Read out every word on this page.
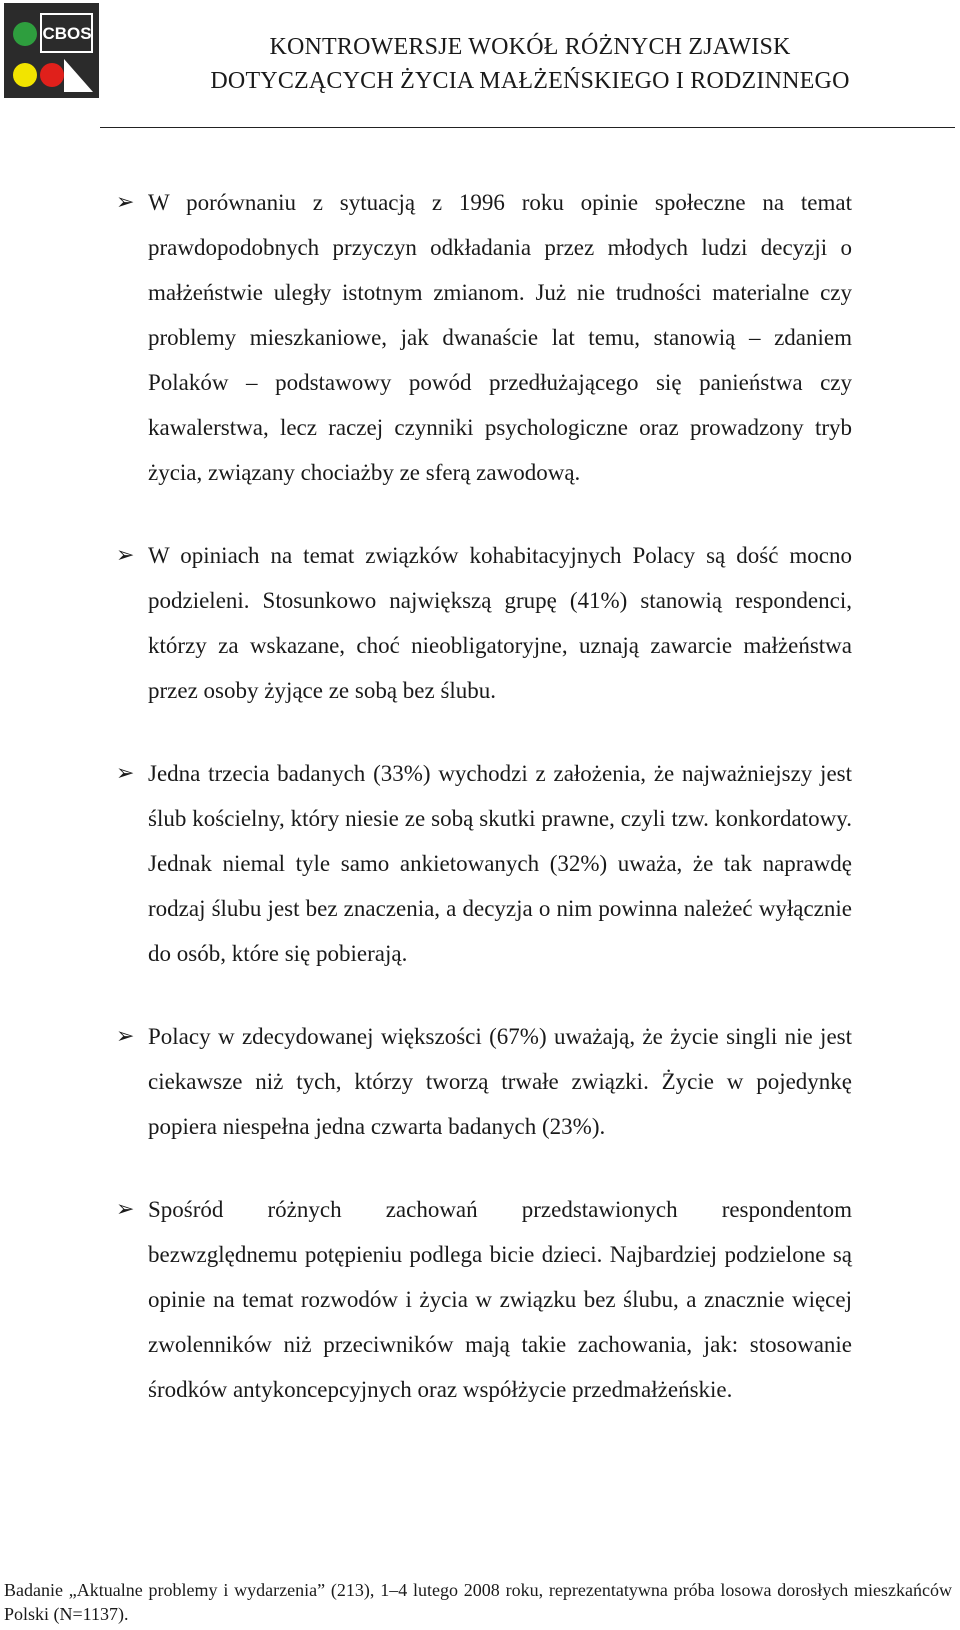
CBOS
KONTROWERSJE WOKÓŁ RÓŻNYCH ZJAWISK
DOTYCZĄCYCH ŻYCIA MAŁŻEŃSKIEGO I RODZINNEGO
➢ W porównaniu z sytuacją z 1996 roku opinie społeczne na temat prawdopodobnych przyczyn odkładania przez młodych ludzi decyzji o małżeństwie uległy istotnym zmianom. Już nie trudności materialne czy problemy mieszkaniowe, jak dwanaście lat temu, stanowią – zdaniem Polaków – podstawowy powód przedłużającego się panieństwa czy kawalerstwa, lecz raczej czynniki psychologiczne oraz prowadzony tryb życia, związany chociażby ze sferą zawodową.
➢ W opiniach na temat związków kohabitacyjnych Polacy są dość mocno podzieleni. Stosunkowo największą grupę (41%) stanowią respondenci, którzy za wskazane, choć nieobligatoryjne, uznają zawarcie małżeństwa przez osoby żyjące ze sobą bez ślubu.
➢ Jedna trzecia badanych (33%) wychodzi z założenia, że najważniejszy jest ślub kościelny, który niesie ze sobą skutki prawne, czyli tzw. konkordatowy. Jednak niemal tyle samo ankietowanych (32%) uważa, że tak naprawdę rodzaj ślubu jest bez znaczenia, a decyzja o nim powinna należeć wyłącznie do osób, które się pobierają.
➢ Polacy w zdecydowanej większości (67%) uważają, że życie singli nie jest ciekawsze niż tych, którzy tworzą trwałe związki. Życie w pojedynkę popiera niespełna jedna czwarta badanych (23%).
➢ Spośród różnych zachowań przedstawionych respondentom bezwzględnemu potępieniu podlega bicie dzieci. Najbardziej podzielone są opinie na temat rozwodów i życia w związku bez ślubu, a znacznie więcej zwolenników niż przeciwników mają takie zachowania, jak: stosowanie środków antykoncepcyjnych oraz współżycie przedmałżeńskie.
Badanie „Aktualne problemy i wydarzenia” (213), 1–4 lutego 2008 roku, reprezentatywna próba losowa dorosłych mieszkańców Polski (N=1137).
